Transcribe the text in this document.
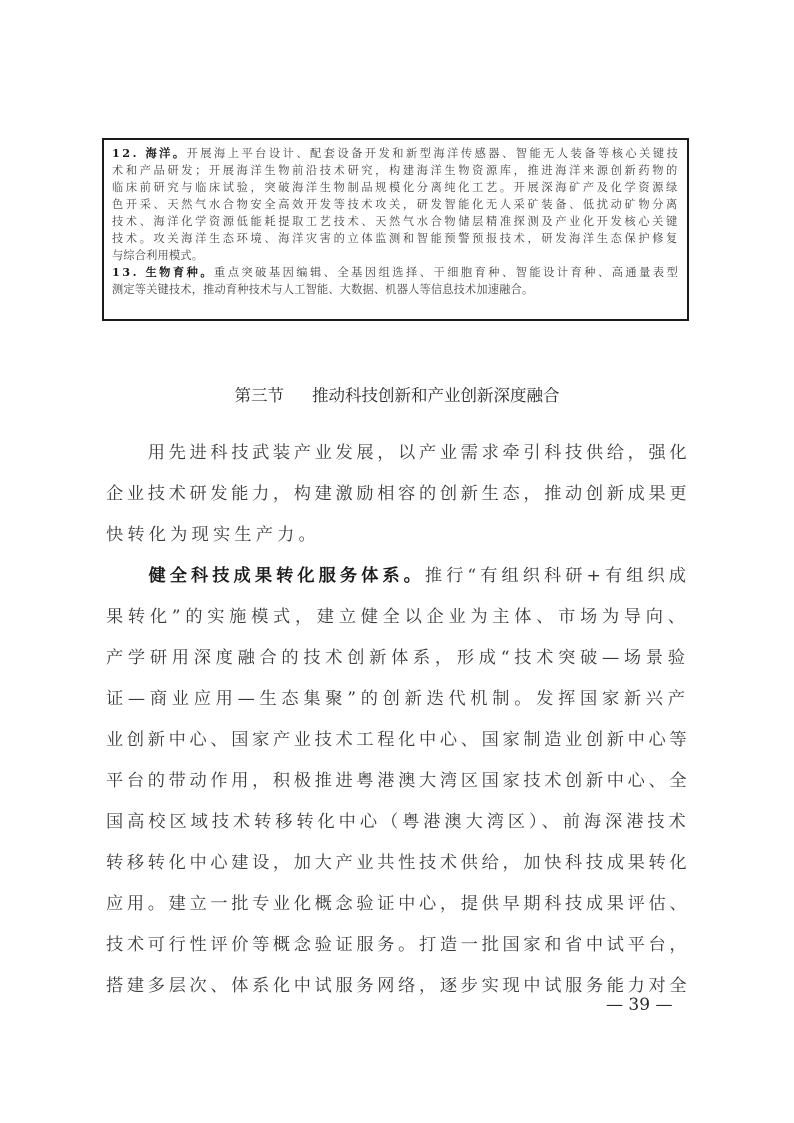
12. 海洋。开展海上平台设计、配套设备开发和新型海洋传感器、智能无人装备等核心关键技
术和产品研发；开展海洋生物前沿技术研究，构建海洋生物资源库，推进海洋来源创新药物的
临床前研究与临床试验，突破海洋生物制品规模化分离纯化工艺。开展深海矿产及化学资源绿
色开采、天然气水合物安全高效开发等技术攻关，研发智能化无人采矿装备、低扰动矿物分离
技术、海洋化学资源低能耗提取工艺技术、天然气水合物储层精准探测及产业化开发核心关键
技术。攻关海洋生态环境、海洋灾害的立体监测和智能预警预报技术，研发海洋生态保护修复
与综合利用模式。
13. 生物育种。重点突破基因编辑、全基因组选择、干细胞育种、智能设计育种、高通量表型
测定等关键技术，推动育种技术与人工智能、大数据、机器人等信息技术加速融合。
第三节 推动科技创新和产业创新深度融合
　　用先进科技武装产业发展，以产业需求牵引科技供给，强化
企业技术研发能力，构建激励相容的创新生态，推动创新成果更
快转化为现实生产力。
　　健全科技成果转化服务体系。推行“有组织科研+有组织成
果转化”的实施模式，建立健全以企业为主体、市场为导向、
产学研用深度融合的技术创新体系，形成“技术突破—场景验
证—商业应用—生态集聚”的创新迭代机制。发挥国家新兴产
业创新中心、国家产业技术工程化中心、国家制造业创新中心等
平台的带动作用，积极推进粤港澳大湾区国家技术创新中心、全
国高校区域技术转移转化中心（粤港澳大湾区）、前海深港技术
转移转化中心建设，加大产业共性技术供给，加快科技成果转化
应用。建立一批专业化概念验证中心，提供早期科技成果评估、
技术可行性评价等概念验证服务。打造一批国家和省中试平台，
搭建多层次、体系化中试服务网络，逐步实现中试服务能力对全
— 39 —
